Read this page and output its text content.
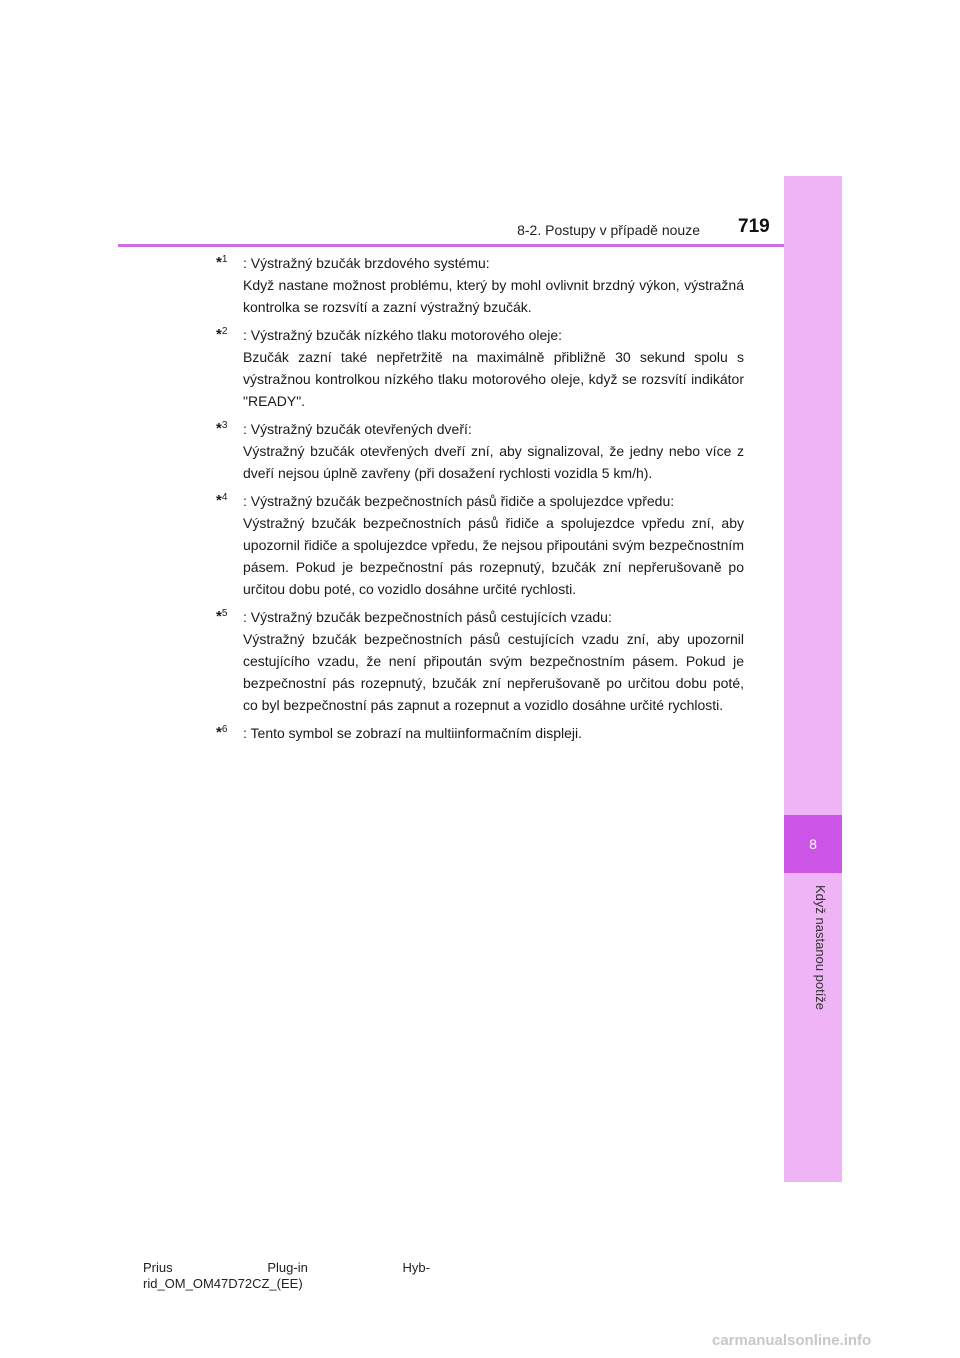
8
Když nastanou potíže
8-2. Postupy v případě nouze 719
*$^1$ : Výstražný bzučák brzdového systému:
Když nastane možnost problému, který by mohl ovlivnit brzdný výkon, výstražná kontrolka se rozsvítí a zazní výstražný bzučák.
*$^2$ : Výstražný bzučák nízkého tlaku motorového oleje:
Bzučák zazní také nepřetržitě na maximálně přibližně 30 sekund spolu s výstražnou kontrolkou nízkého tlaku motorového oleje, když se rozsvítí indikátor "READY".
*$^3$ : Výstražný bzučák otevřených dveří:
Výstražný bzučák otevřených dveří zní, aby signalizoval, že jedny nebo více z dveří nejsou úplně zavřeny (při dosažení rychlosti vozidla 5 km/h).
*$^4$ : Výstražný bzučák bezpečnostních pásů řidiče a spolujezdce vpředu:
Výstražný bzučák bezpečnostních pásů řidiče a spolujezdce vpředu zní, aby upozornil řidiče a spolujezdce vpředu, že nejsou připoutáni svým bezpečnostním pásem. Pokud je bezpečnostní pás rozepnutý, bzučák zní nepřerušovaně po určitou dobu poté, co vozidlo dosáhne určité rychlosti.
*$^5$ : Výstražný bzučák bezpečnostních pásů cestujících vzadu:
Výstražný bzučák bezpečnostních pásů cestujících vzadu zní, aby upozornil cestujícího vzadu, že není připoután svým bezpečnostním pásem. Pokud je bezpečnostní pás rozepnutý, bzučák zní nepřerušovaně po určitou dobu poté, co byl bezpečnostní pás zapnut a rozepnut a vozidlo dosáhne určité rychlosti.
*$^6$ : Tento symbol se zobrazí na multiinformačním displeji.
Prius	Plug-in	Hyb-
rid_OM_OM47D72CZ_(EE)
carmanualsonline.info
